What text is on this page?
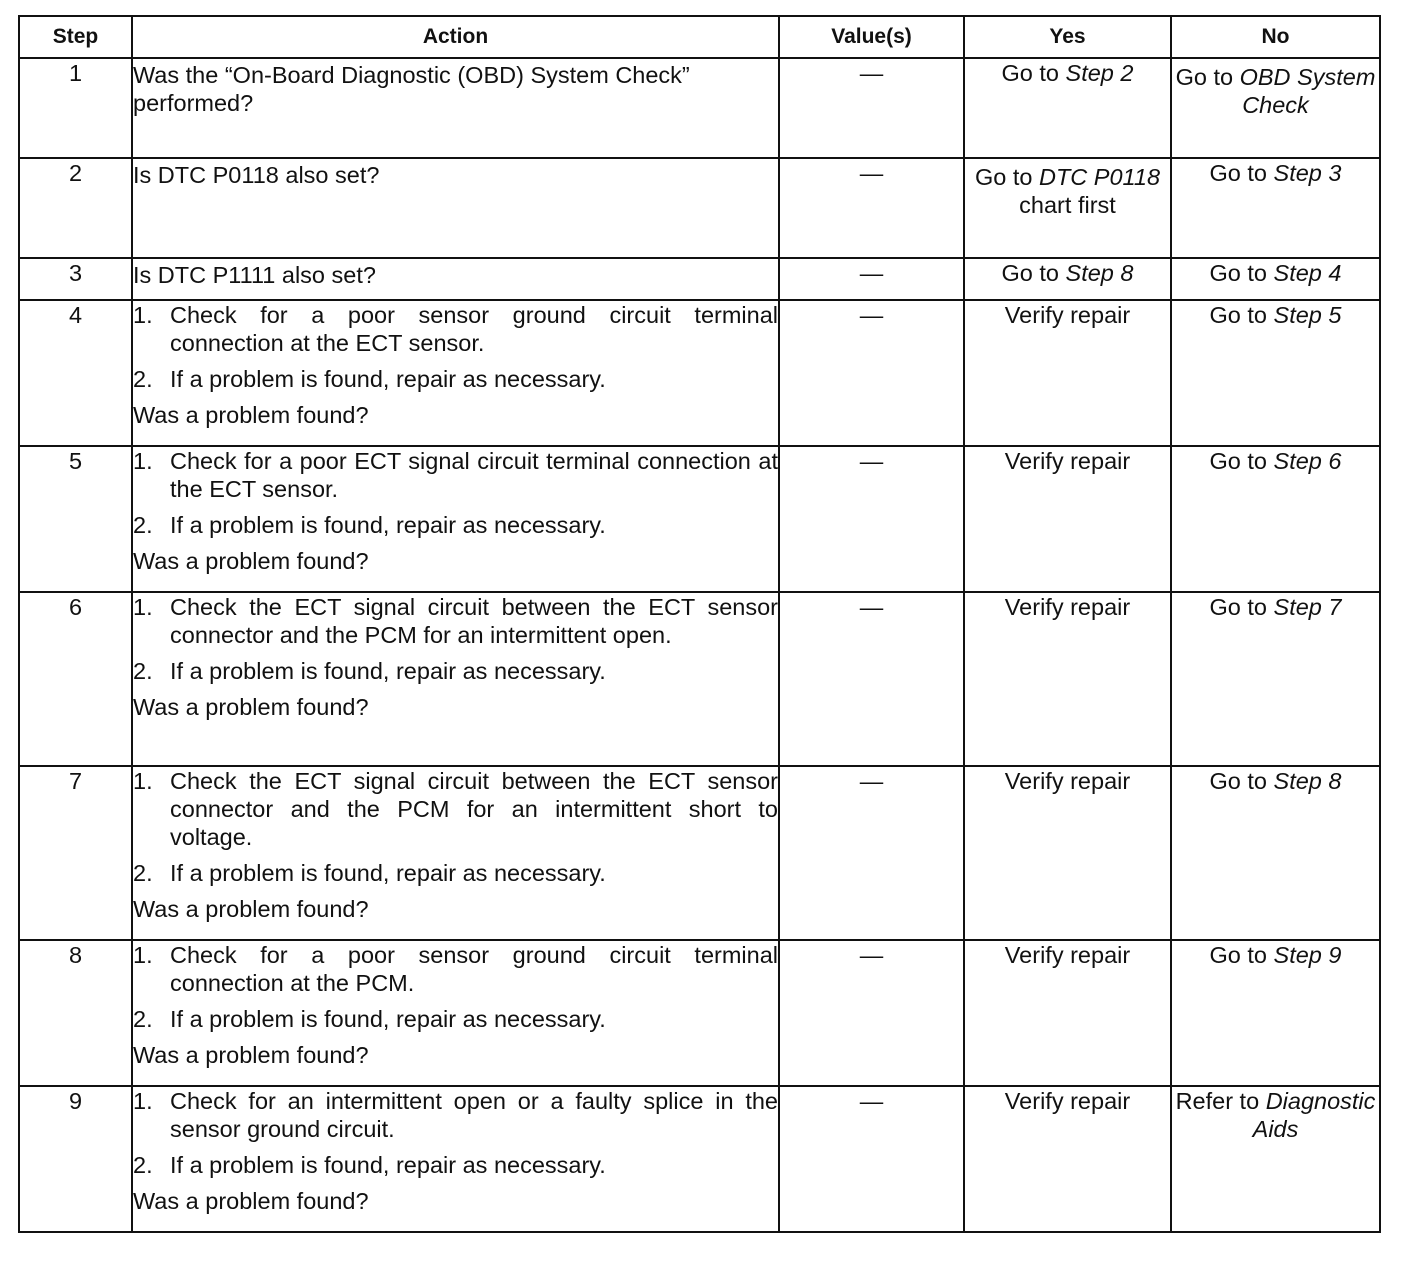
Step	Action	Value(s)	Yes	No
1	Was the “On-Board Diagnostic (OBD) System Check” performed?	—	Go to Step 2	Go to OBD System Check
2	Is DTC P0118 also set?	—	Go to DTC P0118 chart first	Go to Step 3
3	Is DTC P1111 also set?	—	Go to Step 8	Go to Step 4
4	1. Check for a poor sensor ground circuit terminal connection at the ECT sensor.
2. If a problem is found, repair as necessary.
Was a problem found?	—	Verify repair	Go to Step 5
5	1. Check for a poor ECT signal circuit terminal connection at the ECT sensor.
2. If a problem is found, repair as necessary.
Was a problem found?	—	Verify repair	Go to Step 6
6	1. Check the ECT signal circuit between the ECT sensor connector and the PCM for an intermittent open.
2. If a problem is found, repair as necessary.
Was a problem found?	—	Verify repair	Go to Step 7
7	1. Check the ECT signal circuit between the ECT sensor connector and the PCM for an intermittent short to voltage.
2. If a problem is found, repair as necessary.
Was a problem found?	—	Verify repair	Go to Step 8
8	1. Check for a poor sensor ground circuit terminal connection at the PCM.
2. If a problem is found, repair as necessary.
Was a problem found?	—	Verify repair	Go to Step 9
9	1. Check for an intermittent open or a faulty splice in the sensor ground circuit.
2. If a problem is found, repair as necessary.
Was a problem found?	—	Verify repair	Refer to Diagnostic Aids
